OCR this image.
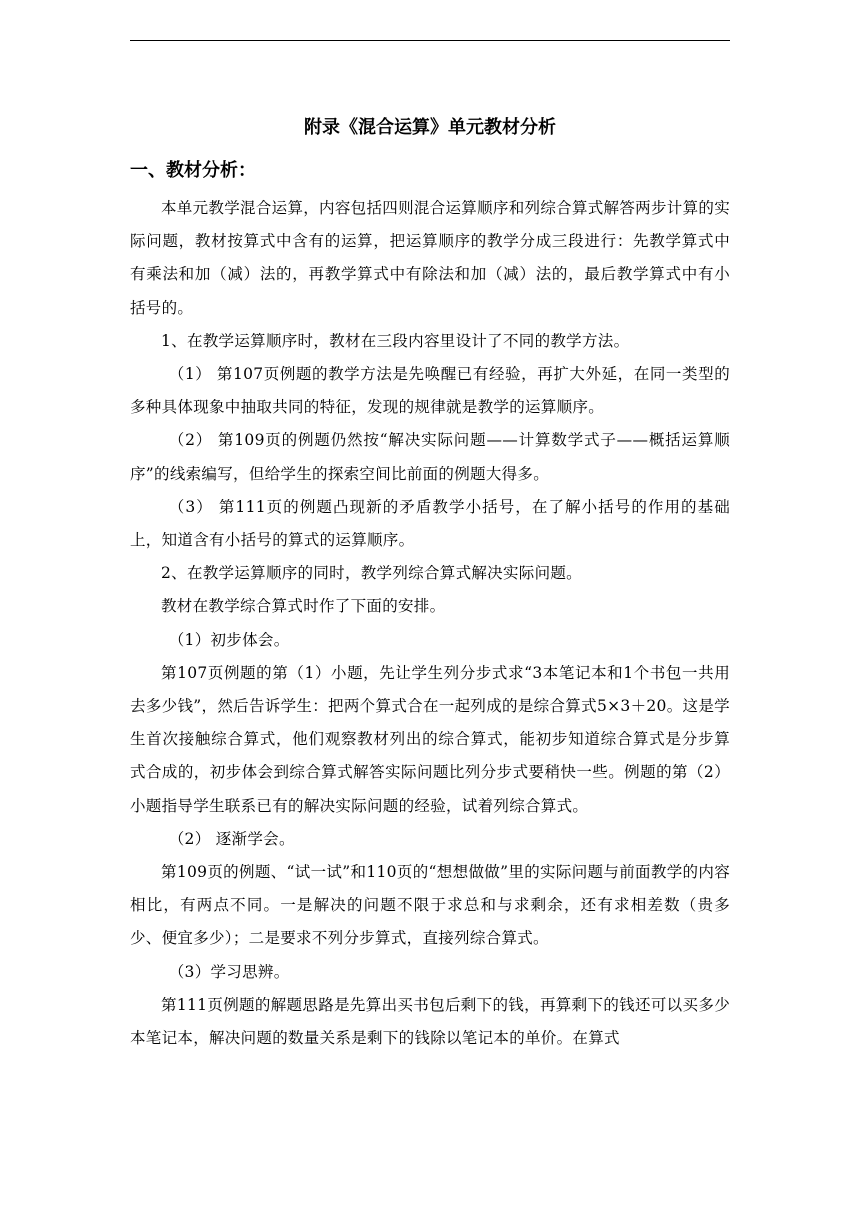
附录《混合运算》单元教材分析
一、教材分析：

本单元教学混合运算，内容包括四则混合运算顺序和列综合算式解答两步计算的实际问题，教材按算式中含有的运算，把运算顺序的教学分成三段进行：先教学算式中有乘法和加（减）法的，再教学算式中有除法和加（减）法的，最后教学算式中有小括号的。

1、在教学运算顺序时，教材在三段内容里设计了不同的教学方法。

（1） 第107页例题的教学方法是先唤醒已有经验，再扩大外延，在同一类型的多种具体现象中抽取共同的特征，发现的规律就是教学的运算顺序。

（2） 第109页的例题仍然按“解决实际问题——计算数学式子——概括运算顺序”的线索编写，但给学生的探索空间比前面的例题大得多。

（3） 第111页的例题凸现新的矛盾教学小括号，在了解小括号的作用的基础上，知道含有小括号的算式的运算顺序。

2、在教学运算顺序的同时，教学列综合算式解决实际问题。

教材在教学综合算式时作了下面的安排。

（1）初步体会。

第107页例题的第（1）小题，先让学生列分步式求“3本笔记本和1个书包一共用去多少钱”，然后告诉学生：把两个算式合在一起列成的是综合算式5×3＋20。这是学生首次接触综合算式，他们观察教材列出的综合算式，能初步知道综合算式是分步算式合成的，初步体会到综合算式解答实际问题比列分步式要稍快一些。例题的第（2）小题指导学生联系已有的解决实际问题的经验，试着列综合算式。

（2） 逐渐学会。

第109页的例题、“试一试”和110页的“想想做做”里的实际问题与前面教学的内容相比，有两点不同。一是解决的问题不限于求总和与求剩余，还有求相差数（贵多少、便宜多少）；二是要求不列分步算式，直接列综合算式。

（3）学习思辨。

第111页例题的解题思路是先算出买书包后剩下的钱，再算剩下的钱还可以买多少本笔记本，解决问题的数量关系是剩下的钱除以笔记本的单价。在算式
